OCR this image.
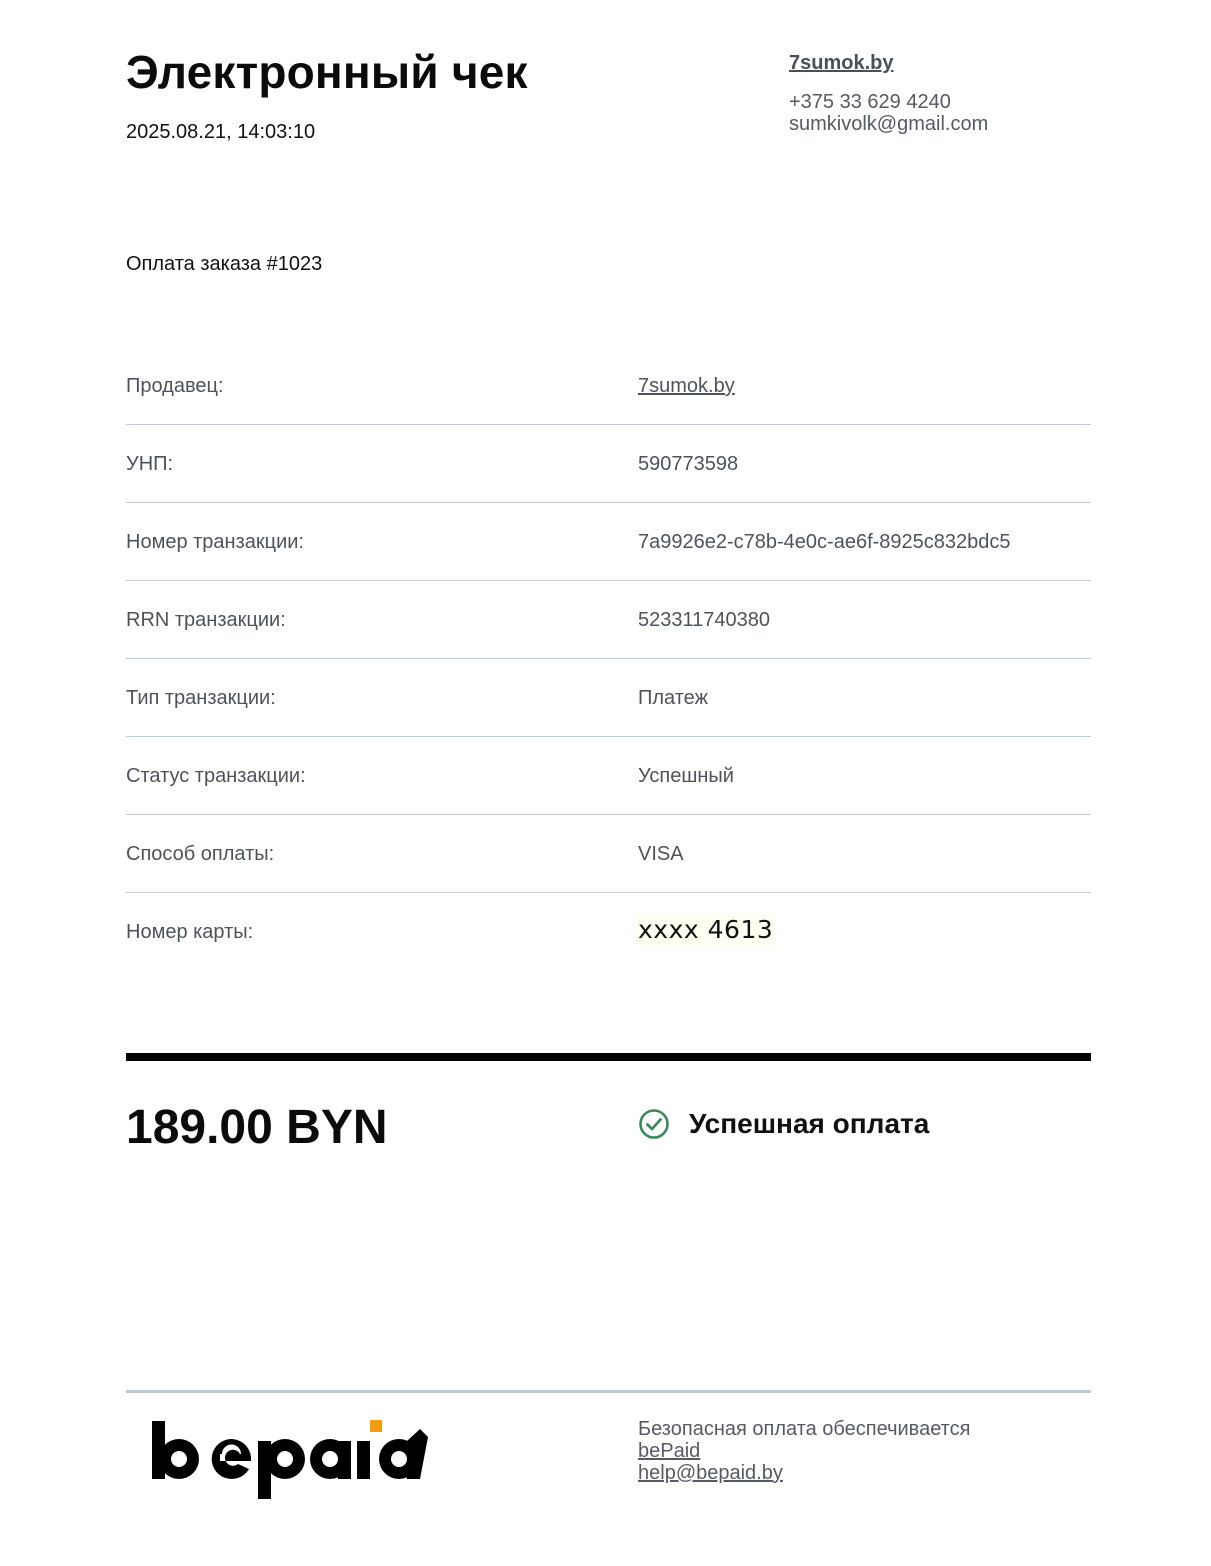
Электронный чек
2025.08.21, 14:03:10
7sumok.by
+375 33 629 4240
sumkivolk@gmail.com
Оплата заказа #1023
Продавец:	7sumok.by
УНП:	590773598
Номер транзакции:	7a9926e2-c78b-4e0c-ae6f-8925c832bdc5
RRN транзакции:	523311740380
Тип транзакции:	Платеж
Статус транзакции:	Успешный
Способ оплаты:	VISA
Номер карты:	xxxx 4613
189.00 BYN	Успешная оплата
Безопасная оплата обеспечивается
bePaid
help@bepaid.by
